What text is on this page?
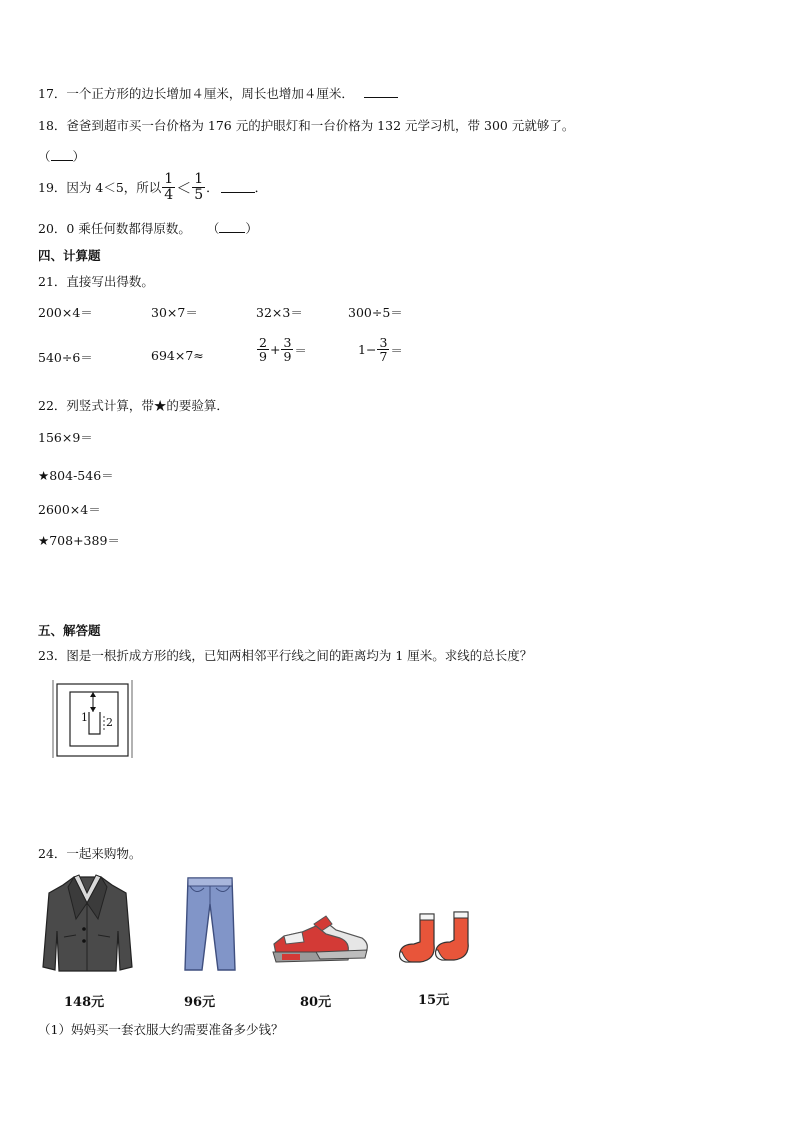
17．一个正方形的边长增加４厘米，周长也增加４厘米．
18．爸爸到超市买一台价格为 176 元的护眼灯和一台价格为 132 元学习机，带 300 元就够了。
（ ）
19．因为 4＜5，所以 $\frac{1}{4} < \frac{1}{5}$ ．	．
20．0 乘任何数都得原数。 （ ）
四、计算题
21．直接写出得数。
200×4＝	30×7＝	32×3＝	300÷5＝
540÷6＝	694×7≈	$\frac{2}{9} + \frac{3}{9}$ ＝	$1- \frac{3}{7}$ ＝
22．列竖式计算，带★的要验算．
156×9＝
★804-546＝
2600×4＝
★708+389＝
五、解答题
23．图是一根折成方形的线，已知两相邻平行线之间的距离均为 1 厘米。求线的总长度？
1 2
24．一起来购物。
148元	96元	80元	15元
（1）妈妈买一套衣服大约需要准备多少钱？
